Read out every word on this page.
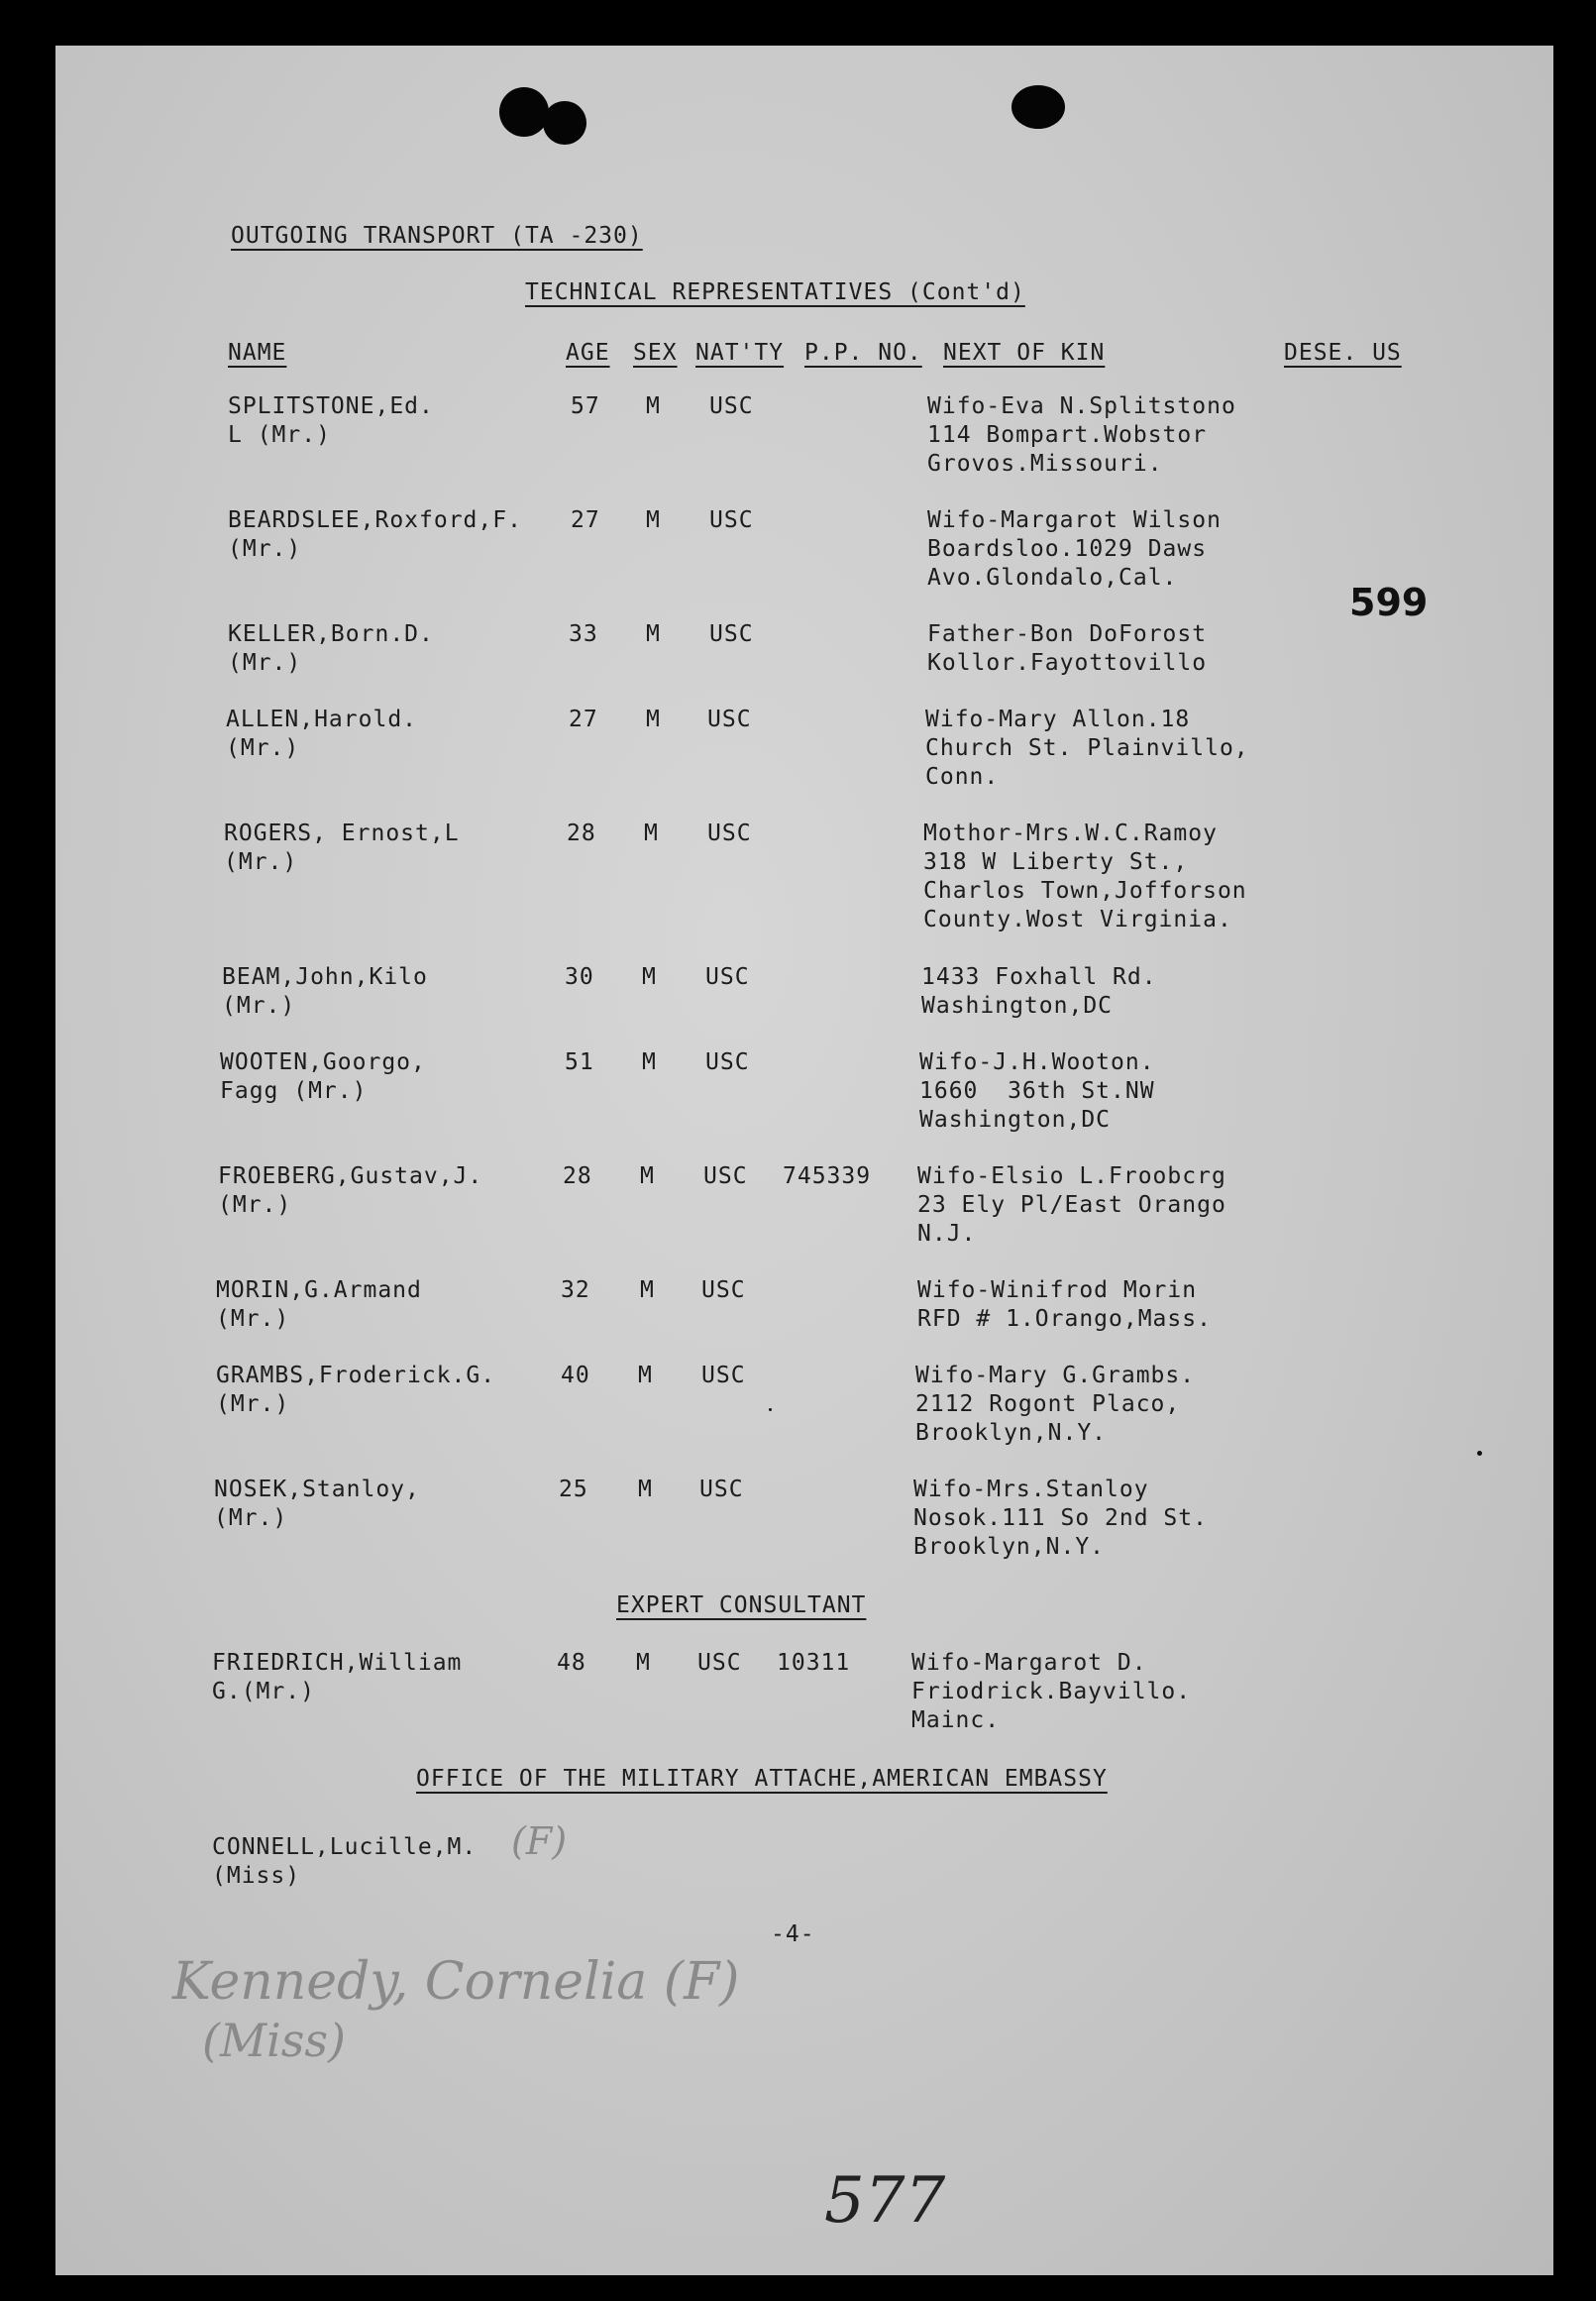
OUTGOING TRANSPORT (TA -230)
TECHNICAL REPRESENTATIVES (Cont'd)
NAME	AGE SEX NAT'TY P.P. NO. NEXT OF KIN	DESE. US
599
SPLITSTONE,Ed.
L (Mr.)
57 M USC	Wifo-Eva N.Splitstono
114 Bompart.Wobstor
Grovos.Missouri.
BEARDSLEE,Roxford,F.
(Mr.)
27 M USC	Wifo-Margarot Wilson
Boardsloo.1029 Daws
Avo.Glondalo,Cal.
KELLER,Born.D.
(Mr.)
33 M USC	Father-Bon DoForost
Kollor.Fayottovillo
ALLEN,Harold.
(Mr.)
27 M USC	Wifo-Mary Allon.18
Church St. Plainvillo,
Conn.
ROGERS, Ernost,L
(Mr.)
28 M USC	Mothor-Mrs.W.C.Ramoy
318 W Liberty St.,
Charlos Town,Jofforson
County.Wost Virginia.
BEAM,John,Kilo
(Mr.)
30 M USC	1433 Foxhall Rd.
Washington,DC
WOOTEN,Goorgo,
Fagg (Mr.)
51 M USC	Wifo-J.H.Wooton.
1660  36th St.NW
Washington,DC
FROEBERG,Gustav,J.
(Mr.)
28 M USC 745339 Wifo-Elsio L.Froobcrg
23 Ely Pl/East Orango
N.J.
MORIN,G.Armand
(Mr.)
32 M USC	Wifo-Winifrod Morin
RFD # 1.Orango,Mass.
GRAMBS,Froderick.G.
(Mr.)
40 M USC	Wifo-Mary G.Grambs.
2112 Rogont Placo,
Brooklyn,N.Y.
NOSEK,Stanloy,
(Mr.)
25 M USC	Wifo-Mrs.Stanloy
Nosok.111 So 2nd St.
Brooklyn,N.Y.
EXPERT CONSULTANT
FRIEDRICH,William
G.(Mr.)
48 M USC 10311	Wifo-Margarot D.
Friodrick.Bayvillo.
Mainc.
OFFICE OF THE MILITARY ATTACHE,AMERICAN EMBASSY
CONNELL,Lucille,M.
(Miss)
(F)
-4-
Kennedy, Cornelia (F)
(Miss)
577
